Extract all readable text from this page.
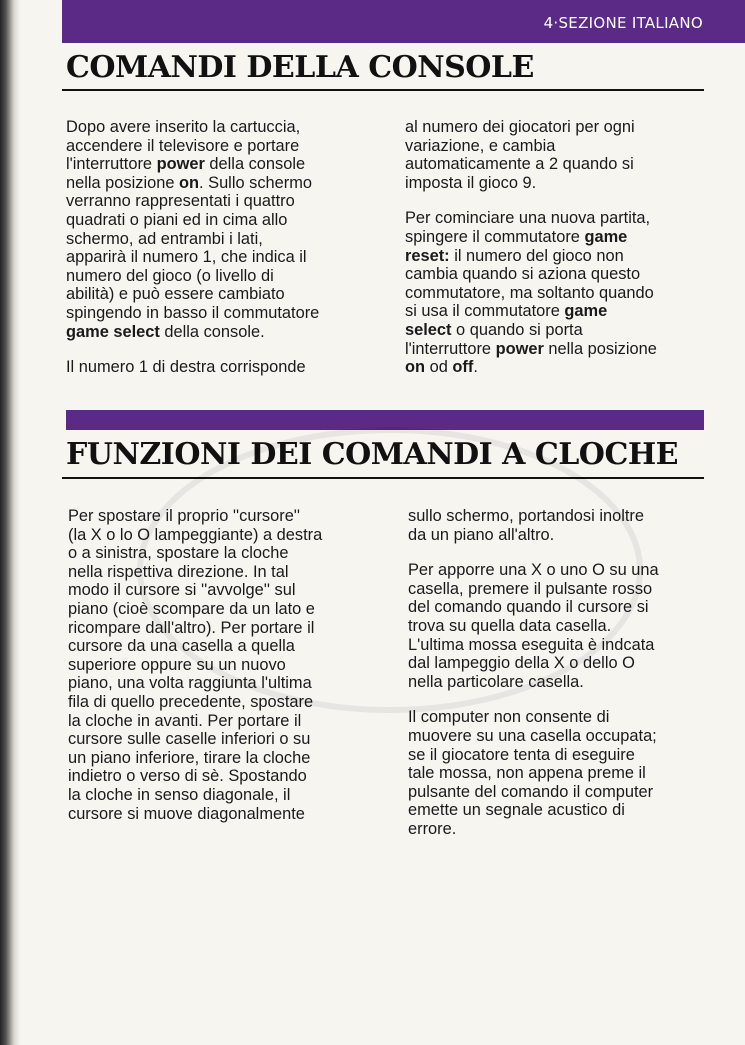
4·SEZIONE ITALIANO
COMANDI DELLA CONSOLE

Dopo avere inserito la cartuccia,
accendere il televisore e portare
l'interruttore power della console
nella posizione on. Sullo schermo
verranno rappresentati i quattro
quadrati o piani ed in cima allo
schermo, ad entrambi i lati,
apparirà il numero 1, che indica il
numero del gioco (o livello di
abilità) e può essere cambiato
spingendo in basso il commutatore
game select della console.

Il numero 1 di destra corrisponde

al numero dei giocatori per ogni
variazione, e cambia
automaticamente a 2 quando si
imposta il gioco 9.

Per cominciare una nuova partita,
spingere il commutatore game
reset: il numero del gioco non
cambia quando si aziona questo
commutatore, ma soltanto quando
si usa il commutatore game
select o quando si porta
l'interruttore power nella posizione
on od off.

FUNZIONI DEI COMANDI A CLOCHE

Per spostare il proprio ''cursore''
(la X o lo O lampeggiante) a destra
o a sinistra, spostare la cloche
nella rispettiva direzione. In tal
modo il cursore si ''avvolge'' sul
piano (cioè scompare da un lato e
ricompare dall'altro). Per portare il
cursore da una casella a quella
superiore oppure su un nuovo
piano, una volta raggiunta l'ultima
fila di quello precedente, spostare
la cloche in avanti. Per portare il
cursore sulle caselle inferiori o su
un piano inferiore, tirare la cloche
indietro o verso di sè. Spostando
la cloche in senso diagonale, il
cursore si muove diagonalmente

sullo schermo, portandosi inoltre
da un piano all'altro.

Per apporre una X o uno O su una
casella, premere il pulsante rosso
del comando quando il cursore si
trova su quella data casella.
L'ultima mossa eseguita è indcata
dal lampeggio della X o dello O
nella particolare casella.

Il computer non consente di
muovere su una casella occupata;
se il giocatore tenta di eseguire
tale mossa, non appena preme il
pulsante del comando il computer
emette un segnale acustico di
errore.
